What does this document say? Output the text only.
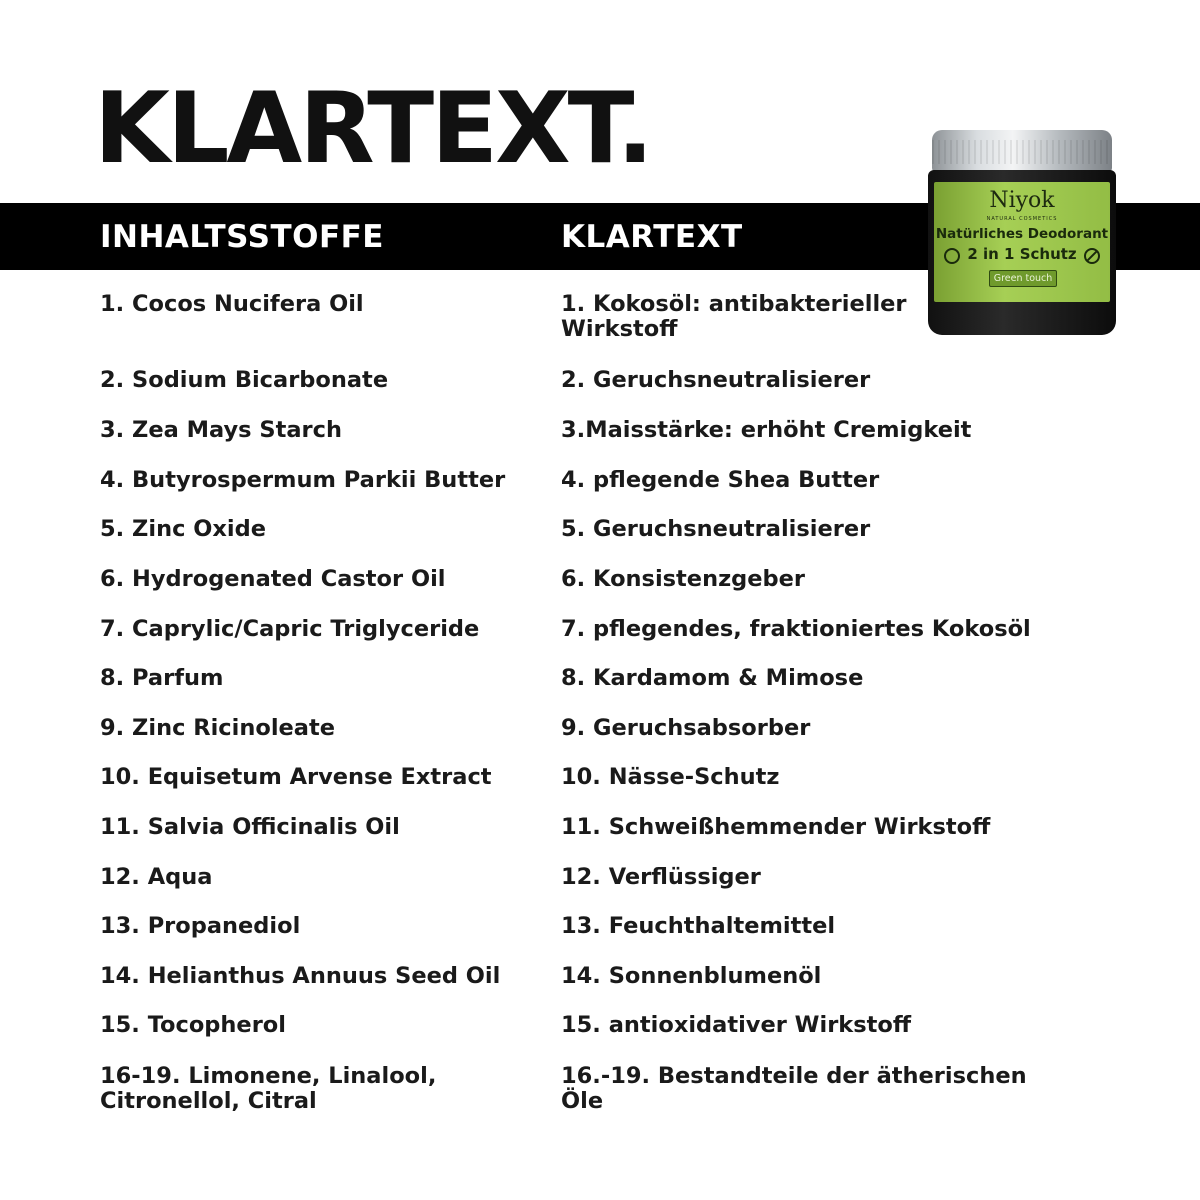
KLARTEXT.
INHALTSSTOFFE	KLARTEXT
Niyok
NATURAL COSMETICS
Natürliches Deodorant
2 in 1 Schutz
Green touch
1. Cocos Nucifera Oil
2. Sodium Bicarbonate
3. Zea Mays Starch
4. Butyrospermum Parkii Butter
5. Zinc Oxide
6. Hydrogenated Castor Oil
7. Caprylic/Capric Triglyceride
8. Parfum
9. Zinc Ricinoleate
10. Equisetum Arvense Extract
11. Salvia Officinalis Oil
12. Aqua
13. Propanediol
14. Helianthus Annuus Seed Oil
15. Tocopherol
16-19. Limonene, Linalool,
Citronellol, Citral
1. Kokosöl: antibakterieller
Wirkstoff
2. Geruchsneutralisierer
3.Maisstärke: erhöht Cremigkeit
4. pflegende Shea Butter
5. Geruchsneutralisierer
6. Konsistenzgeber
7. pflegendes, fraktioniertes Kokosöl
8. Kardamom & Mimose
9. Geruchsabsorber
10. Nässe-Schutz
11. Schweißhemmender Wirkstoff
12. Verflüssiger
13. Feuchthaltemittel
14. Sonnenblumenöl
15. antioxidativer Wirkstoff
16.-19. Bestandteile der ätherischen Öle
